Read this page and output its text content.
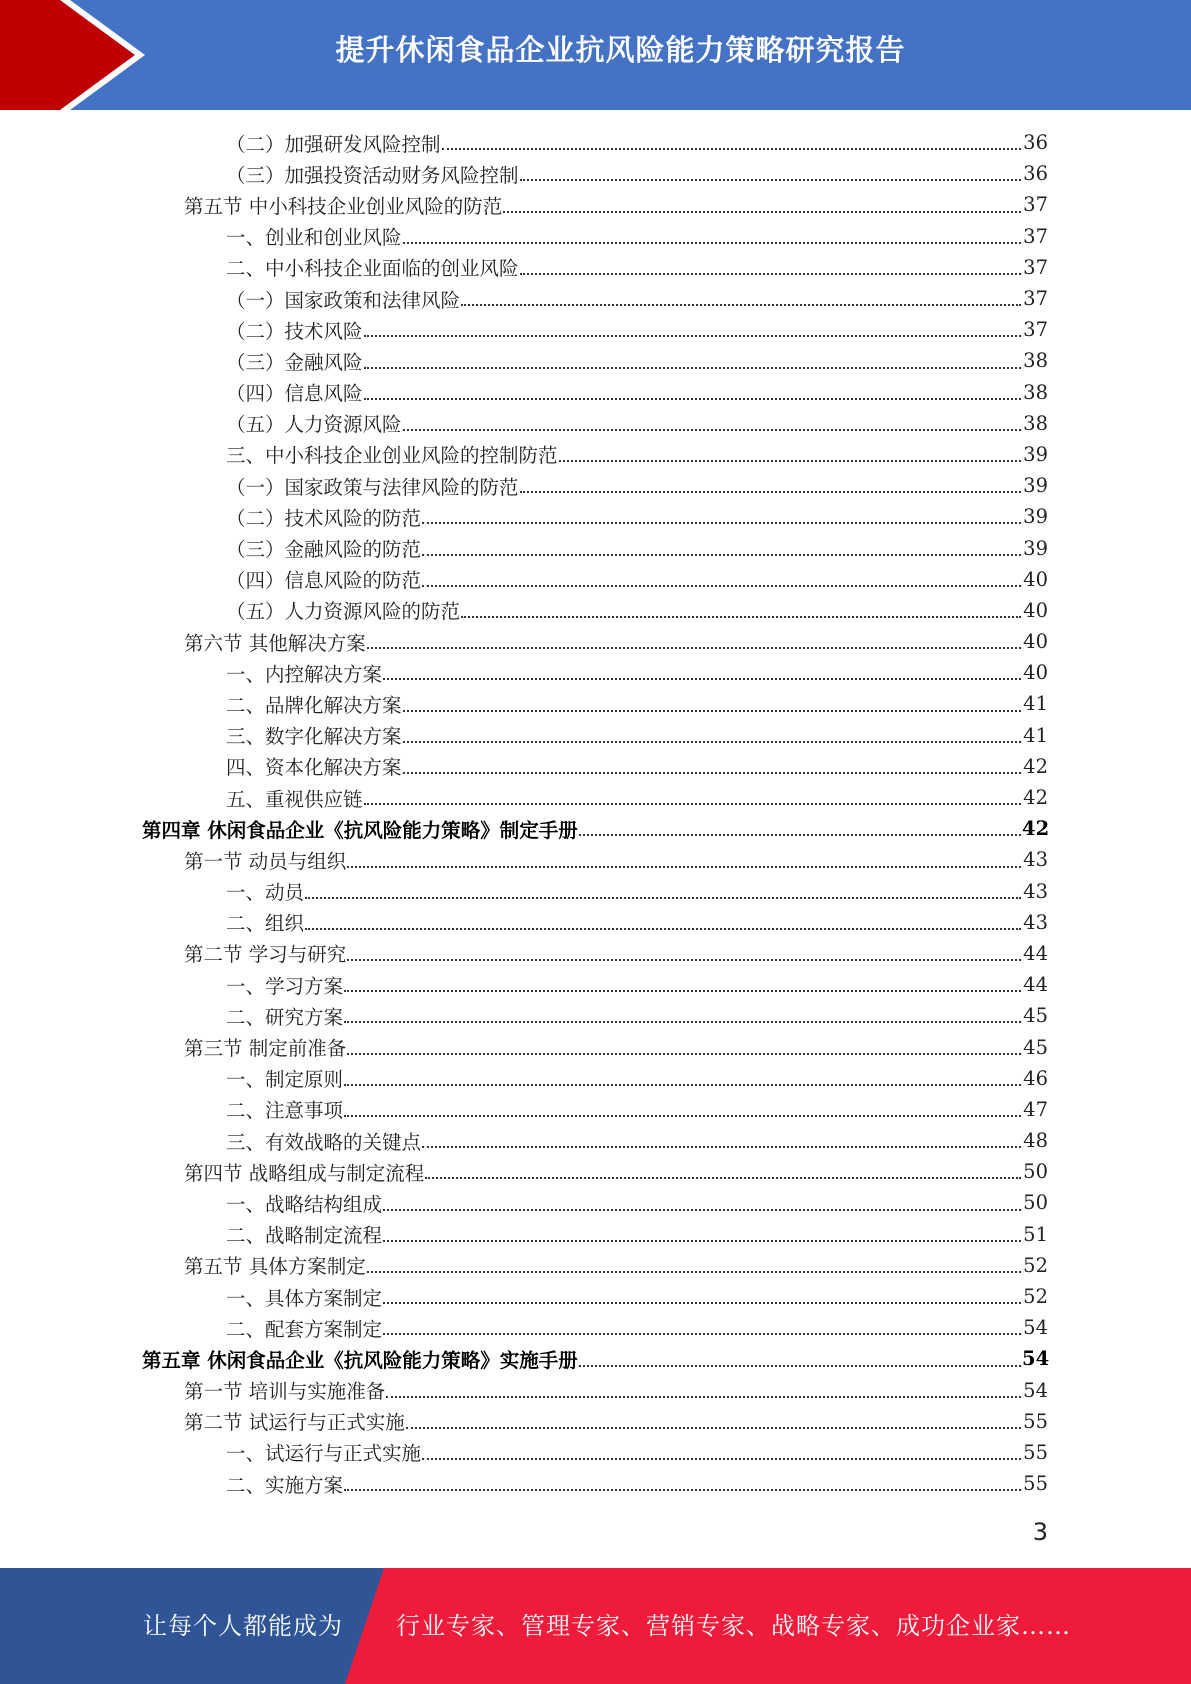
提升休闲食品企业抗风险能力策略研究报告
（二）加强研发风险控制	36
（三）加强投资活动财务风险控制	36
第五节 中小科技企业创业风险的防范	37
一、创业和创业风险	37
二、中小科技企业面临的创业风险	37
（一）国家政策和法律风险	37
（二）技术风险	37
（三）金融风险	38
（四）信息风险	38
（五）人力资源风险	38
三、中小科技企业创业风险的控制防范	39
（一）国家政策与法律风险的防范	39
（二）技术风险的防范	39
（三）金融风险的防范	39
（四）信息风险的防范	40
（五）人力资源风险的防范	40
第六节 其他解决方案	40
一、内控解决方案	40
二、品牌化解决方案	41
三、数字化解决方案	41
四、资本化解决方案	42
五、重视供应链	42
第四章 休闲食品企业《抗风险能力策略》制定手册	42
第一节 动员与组织	43
一、动员	43
二、组织	43
第二节 学习与研究	44
一、学习方案	44
二、研究方案	45
第三节 制定前准备	45
一、制定原则	46
二、注意事项	47
三、有效战略的关键点	48
第四节 战略组成与制定流程	50
一、战略结构组成	50
二、战略制定流程	51
第五节 具体方案制定	52
一、具体方案制定	52
二、配套方案制定	54
第五章 休闲食品企业《抗风险能力策略》实施手册	54
第一节 培训与实施准备	54
第二节 试运行与正式实施	55
一、试运行与正式实施	55
二、实施方案	55
3
让每个人都能成为 行业专家、管理专家、营销专家、战略专家、成功企业家……
